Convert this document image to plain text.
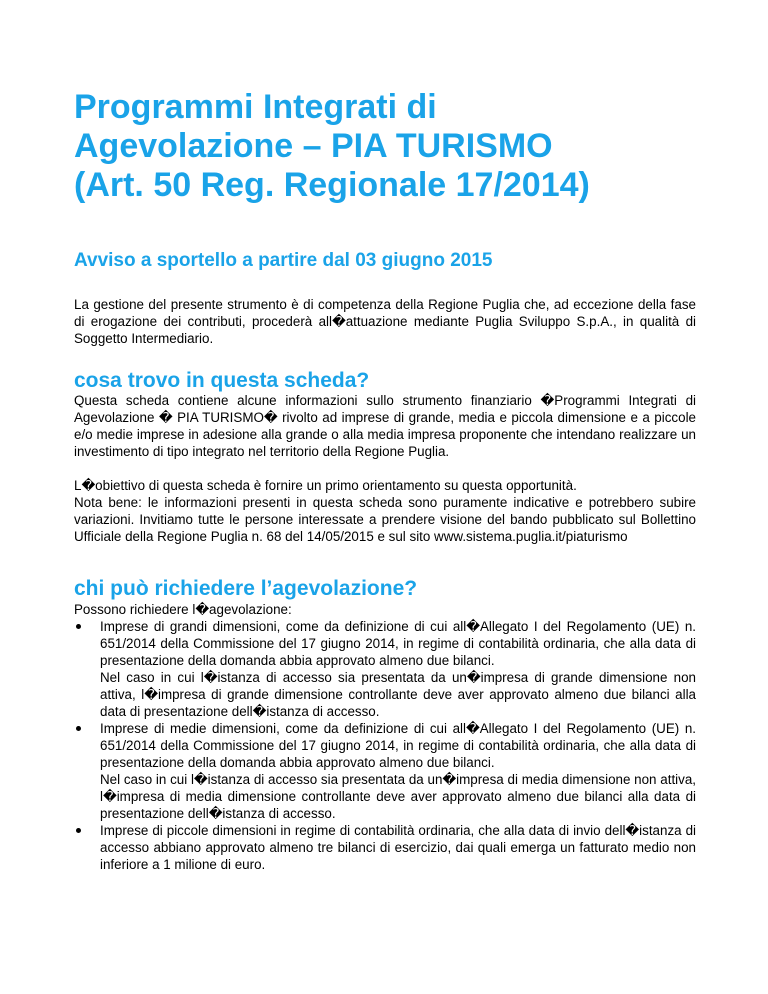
Programmi Integrati di
Agevolazione – PIA TURISMO
(Art. 50 Reg. Regionale 17/2014)
Avviso a sportello a partire dal 03 giugno 2015

La gestione del presente strumento è di competenza della Regione Puglia che, ad eccezione della fase di erogazione dei contributi, procederà all�attuazione mediante Puglia Sviluppo S.p.A., in qualità di Soggetto Intermediario.

cosa trovo in questa scheda?

Questa scheda contiene alcune informazioni sullo strumento finanziario �Programmi Integrati di Agevolazione � PIA TURISMO� rivolto ad imprese di grande, media e piccola dimensione e a piccole e/o medie imprese in adesione alla grande o alla media impresa proponente che intendano realizzare un investimento di tipo integrato nel territorio della Regione Puglia.

L�obiettivo di questa scheda è fornire un primo orientamento su questa opportunità.

Nota bene: le informazioni presenti in questa scheda sono puramente indicative e potrebbero subire variazioni. Invitiamo tutte le persone interessate a prendere visione del bando pubblicato sul Bollettino Ufficiale della Regione Puglia n. 68 del 14/05/2015 e sul sito www.sistema.puglia.it/piaturismo

chi può richiedere l’agevolazione?

Possono richiedere l�agevolazione:

Imprese di grandi dimensioni, come da definizione di cui all�Allegato I del Regolamento (UE) n. 651/2014 della Commissione del 17 giugno 2014, in regime di contabilità ordinaria, che alla data di presentazione della domanda abbia approvato almeno due bilanci.
Nel caso in cui l�istanza di accesso sia presentata da un�impresa di grande dimensione non attiva, l�impresa di grande dimensione controllante deve aver approvato almeno due bilanci alla data di presentazione dell�istanza di accesso.
Imprese di medie dimensioni, come da definizione di cui all�Allegato I del Regolamento (UE) n. 651/2014 della Commissione del 17 giugno 2014, in regime di contabilità ordinaria, che alla data di presentazione della domanda abbia approvato almeno due bilanci.
Nel caso in cui l�istanza di accesso sia presentata da un�impresa di media dimensione non attiva, l�impresa di media dimensione controllante deve aver approvato almeno due bilanci alla data di presentazione dell�istanza di accesso.
Imprese di piccole dimensioni in regime di contabilità ordinaria, che alla data di invio dell�istanza di accesso abbiano approvato almeno tre bilanci di esercizio, dai quali emerga un fatturato medio non inferiore a 1 milione di euro.
